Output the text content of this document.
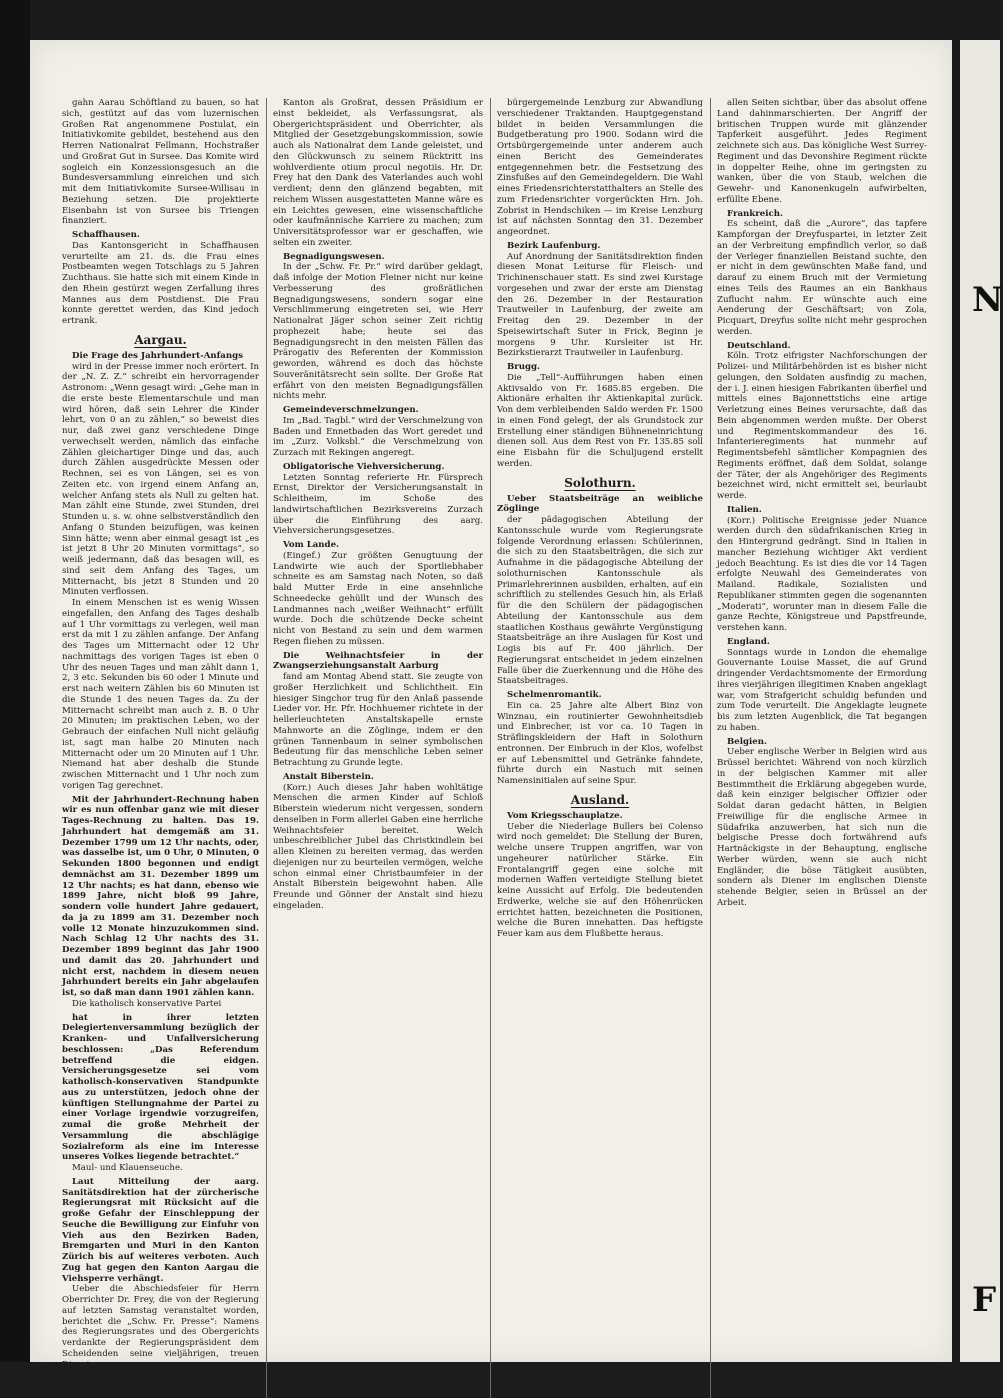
gahn Aarau Schöftland zu bauen, so hat sich, gestützt auf das vom luzernischen Großen Rat angenommene Postulat, ein Initiativkomite gebildet, bestehend aus den Herren Nationalrat Fellmann, Hochstraßer und Großrat Gut in Sursee. Das Komite wird sogleich ein Konzessionsgesuch an die Bundesversammlung einreichen und sich mit dem Initiativkomite Sursee-Willisau in Beziehung setzen. Die projektierte Eisenbahn ist von Sursee bis Triengen finanziert.

Schaffhausen.

Das Kantonsgericht in Schaffhausen verurteilte am 21. ds. die Frau eines Postbeamten wegen Totschlags zu 5 Jahren Zuchthaus. Sie hatte sich mit einem Kinde in den Rhein gestürzt wegen Zerfallung ihres Mannes aus dem Postdienst. Die Frau konnte gerettet werden, das Kind jedoch ertrank.

Aargau.

Die Frage des Jahrhundert-Anfangs

wird in der Presse immer noch erörtert. In der „N. Z. Z.“ schreibt ein hervorragender Astronom: „Wenn gesagt wird: „Gehe man in die erste beste Elementarschule und man wird hören, daß sein Lehrer die Kinder lehrt, von 0 an zu zählen,“ so beweist dies nur, daß zwei ganz verschiedene Dinge verwechselt werden, nämlich das einfache Zählen gleichartiger Dinge und das, auch durch Zählen ausgedrückte Messen oder Rechnen, sei es von Längen, sei es von Zeiten etc. von irgend einem Anfang an, welcher Anfang stets als Null zu gelten hat. Man zählt eine Stunde, zwei Stunden, drei Stunden u. s. w. ohne selbstverständlich den Anfang 0 Stunden beizufügen, was keinen Sinn hätte; wenn aber einmal gesagt ist „es ist jetzt 8 Uhr 20 Minuten vormittags“, so weiß jedermann, daß das besagen will, es sind seit dem Anfang des Tages, um Mitternacht, bis jetzt 8 Stunden und 20 Minuten verflossen.

In einem Menschen ist es wenig Wissen eingefallen, den Anfang des Tages deshalb auf 1 Uhr vormittags zu verlegen, weil man erst da mit 1 zu zählen anfange. Der Anfang des Tages um Mitternacht oder 12 Uhr nachmittags des vorigen Tages ist eben 0 Uhr des neuen Tages und man zählt dann 1, 2, 3 etc. Sekunden bis 60 oder 1 Minute und erst nach weitern Zählen bis 60 Minuten ist die Stunde 1 des neuen Tages da. Zu der Mitternacht schreibt man auch z. B. 0 Uhr 20 Minuten; im praktischen Leben, wo der Gebrauch der einfachen Null nicht geläufig ist, sagt man halbe 20 Minuten nach Mitternacht oder um 20 Minuten auf 1 Uhr. Niemand hat aber deshalb die Stunde zwischen Mitternacht und 1 Uhr noch zum vorigen Tag gerechnet.

Mit der Jahrhundert-Rechnung haben wir es nun offenbar ganz wie mit dieser Tages-Rechnung zu halten. Das 19. Jahrhundert hat demgemäß am 31. Dezember 1799 um 12 Uhr nachts, oder, was dasselbe ist, um 0 Uhr, 0 Minuten, 0 Sekunden 1800 begonnen und endigt demnächst am 31. Dezember 1899 um 12 Uhr nachts; es hat dann, ebenso wie 1899 Jahre, nicht bloß 99 Jahre, sondern volle hundert Jahre gedauert, da ja zu 1899 am 31. Dezember noch volle 12 Monate hinzuzukommen sind. Nach Schlag 12 Uhr nachts des 31. Dezember 1899 beginnt das Jahr 1900 und damit das 20. Jahrhundert und nicht erst, nachdem in diesem neuen Jahrhundert bereits ein Jahr abgelaufen ist, so daß man dann 1901 zählen kann.

Die katholisch konservative Partei

hat in ihrer letzten Delegiertenversammlung bezüglich der Kranken- und Unfallversicherung beschlossen: „Das Referendum betreffend die eidgen. Versicherungsgesetze sei vom katholisch-konservativen Standpunkte aus zu unterstützen, jedoch ohne der künftigen Stellungnahme der Partei zu einer Vorlage irgendwie vorzugreifen, zumal die große Mehrheit der Versammlung die abschlägige Sozialreform als eine im Interesse unseres Volkes liegende betrachtet.“

Maul- und Klauenseuche.

Laut Mitteilung der aarg. Sanitätsdirektion hat der zürcherische Regierungsrat mit Rücksicht auf die große Gefahr der Einschleppung der Seuche die Bewilligung zur Einfuhr von Vieh aus den Bezirken Baden, Bremgarten und Muri in den Kanton Zürich bis auf weiteres verboten. Auch Zug hat gegen den Kanton Aargau die Viehsperre verhängt.

Ueber die Abschiedsfeier für Herrn Oberrichter Dr. Frey, die von der Regierung auf letzten Samstag veranstaltet worden, berichtet die „Schw. Fr. Presse“: Namens des Regierungsrates und des Obergerichts verdankte der Regierungspräsident dem Scheidenden seine vieljährigen, treuen Dienste.

Kanton als Großrat, dessen Präsidium er einst bekleidet, als Verfassungsrat, als Obergerichtspräsident und Oberrichter, als Mitglied der Gesetzgebungskommission, sowie auch als Nationalrat dem Lande geleistet, und den Glückwunsch zu seinem Rücktritt ins wohlverdiente otium procul negotiis. Hr. Dr. Frey hat den Dank des Vaterlandes auch wohl verdient; denn den glänzend begabten, mit reichem Wissen ausgestatteten Manne wäre es ein Leichtes gewesen, eine wissenschaftliche oder kaufmännische Karriere zu machen; zum Universitätsprofessor war er geschaffen, wie selten ein zweiter.

Begnadigungswesen.

In der „Schw. Fr. Pr.“ wird darüber geklagt, daß infolge der Motion Fleiner nicht nur keine Verbesserung des großrätlichen Begnadigungswesens, sondern sogar eine Verschlimmerung eingetreten sei, wie Herr Nationalrat Jäger schon seiner Zeit richtig prophezeit habe; heute sei das Begnadigungsrecht in den meisten Fällen das Prärogativ des Referenten der Kommission geworden, während es doch das höchste Souveränitätsrecht sein sollte. Der Große Rat erfährt von den meisten Begnadigungsfällen nichts mehr.

Gemeindeverschmelzungen.

Im „Bad. Tagbl.“ wird der Verschmelzung von Baden und Ennetbaden das Wort geredet und im „Zurz. Volksbl.“ die Verschmelzung von Zurzach mit Rekingen angeregt.

Obligatorische Viehversicherung.

Letzten Sonntag referierte Hr. Fürsprech Ernst, Direktor der Versicherungsanstalt in Schleitheim, im Schoße des landwirtschaftlichen Bezirksvereins Zurzach über die Einführung des aarg. Viehversicherungsgesetzes.

Vom Lande.

(Eingef.) Zur größten Genugtuung der Landwirte wie auch der Sportliebhaber schneite es am Samstag nach Noten, so daß bald Mutter Erde in eine ansehnliche Schneedecke gehüllt und der Wunsch des Landmannes nach „weißer Weihnacht“ erfüllt wurde. Doch die schützende Decke scheint nicht von Bestand zu sein und dem warmen Regen fliehen zu müssen.

Die Weihnachtsfeier in der Zwangserziehungsanstalt Aarburg

fand am Montag Abend statt. Sie zeugte von großer Herzlichkeit und Schlichtheit. Ein hiesiger Singchor trug für den Anlaß passende Lieder vor. Hr. Pfr. Hochhuemer richtete in der hellerleuchteten Anstaltskapelle ernste Mahnworte an die Zöglinge, indem er den grünen Tannenbaum in seiner symbolischen Bedeutung für das menschliche Leben seiner Betrachtung zu Grunde legte.

Anstalt Biberstein.

(Korr.) Auch dieses Jahr haben wohltätige Menschen die armen Kinder auf Schloß Biberstein wiederum nicht vergessen, sondern denselben in Form allerlei Gaben eine herrliche Weihnachtsfeier bereitet. Welch unbeschreiblicher Jubel das Christkindlein bei allen Kleinen zu bereiten vermag, das werden diejenigen nur zu beurteilen vermögen, welche schon einmal einer Christbaumfeier in der Anstalt Biberstein beigewohnt haben. Alle Freunde und Gönner der Anstalt sind hiezu eingeladen.

bürgergemeinde Lenzburg zur Abwandlung verschiedener Traktanden. Hauptgegenstand bildet in beiden Versammlungen die Budgetberatung pro 1900. Sodann wird die Ortsbürgergemeinde unter anderem auch einen Bericht des Gemeinderates entgegennehmen betr. die Festsetzung des Zinsfußes auf den Gemeindegeldern. Die Wahl eines Friedensrichterstatthalters an Stelle des zum Friedensrichter vorgerückten Hrn. Joh. Zobrist in Hendschiken — im Kreise Lenzburg ist auf nächsten Sonntag den 31. Dezember angeordnet.

Bezirk Laufenburg.

Auf Anordnung der Sanitätsdirektion finden diesen Monat Leiturse für Fleisch- und Trichinenschauer statt. Es sind zwei Kurstage vorgesehen und zwar der erste am Dienstag den 26. Dezember in der Restauration Trautweiler in Laufenburg, der zweite am Freitag den 29. Dezember in der Speisewirtschaft Suter in Frick, Beginn je morgens 9 Uhr. Kursleiter ist Hr. Bezirkstierarzt Trautweiler in Laufenburg.

Brugg.

Die „Tell“-Aufführungen haben einen Aktivsaldo von Fr. 1685.85 ergeben. Die Aktionäre erhalten ihr Aktienkapital zurück. Von dem verbleibenden Saldo werden Fr. 1500 in einen Fond gelegt, der als Grundstock zur Erstellung einer ständigen Bühneneinrichtung dienen soll. Aus dem Rest von Fr. 135.85 soll eine Eisbahn für die Schuljugend erstellt werden.

Solothurn.

Ueber Staatsbeiträge an weibliche Zöglinge

der pädagogischen Abteilung der Kantonsschule wurde vom Regierungsrate folgende Verordnung erlassen: Schülerinnen, die sich zu den Staatsbeiträgen, die sich zur Aufnahme in die pädagogische Abteilung der solothurnischen Kantonsschule als Primarlehrerinnen ausbilden, erhalten, auf ein schriftlich zu stellendes Gesuch hin, als Erlaß für die den Schülern der pädagogischen Abteilung der Kantonsschule aus dem staatlichen Kosthaus gewährte Vergünstigung Staatsbeiträge an ihre Auslagen für Kost und Logis bis auf Fr. 400 jährlich. Der Regierungsrat entscheidet in jedem einzelnen Falle über die Zuerkennung und die Höhe des Staatsbeitrages.

Schelmenromantik.

Ein ca. 25 Jahre alte Albert Binz von Winznau, ein routinierter Gewohnheitsdieb und Einbrecher, ist vor ca. 10 Tagen in Sträflingskleidern der Haft in Solothurn entronnen. Der Einbruch in der Klos, wofelbst er auf Lebensmittel und Getränke fahndete, führte durch ein Nastuch mit seinen Namensinitialen auf seine Spur.

Ausland.

Vom Kriegsschauplatze.

Ueber die Niederlage Bullers bei Colenso wird noch gemeldet: Die Stellung der Buren, welche unsere Truppen angriffen, war von ungeheurer natürlicher Stärke. Ein Frontalangriff gegen eine solche mit modernen Waffen verteidigte Stellung bietet keine Aussicht auf Erfolg. Die bedeutenden Erdwerke, welche sie auf den Höhenrücken errichtet hatten, bezeichneten die Positionen, welche die Buren innehatten. Das heftigste Feuer kam aus dem Flußbette heraus.

allen Seiten sichtbar, über das absolut offene Land dahinmarschierten. Der Angriff der britischen Truppen wurde mit glänzender Tapferkeit ausgeführt. Jedes Regiment zeichnete sich aus. Das königliche West Surrey-Regiment und das Devonshire Regiment rückte in doppelter Reihe, ohne im geringsten zu wanken, über die von Staub, welchen die Gewehr- und Kanonenkugeln aufwirbelten, erfüllte Ebene.

Frankreich.

Es scheint, daß die „Aurore“, das tapfere Kampforgan der Dreyfuspartei, in letzter Zeit an der Verbreitung empfindlich verlor, so daß der Verleger finanziellen Beistand suchte, den er nicht in dem gewünschten Maße fand, und darauf zu einem Bruch mit der Vermietung eines Teils des Raumes an ein Bankhaus Zuflucht nahm. Er wünschte auch eine Aenderung der Geschäftsart; von Zola, Picquart, Dreyfus sollte nicht mehr gesprochen werden.

Deutschland.

Köln. Trotz eifrigster Nachforschungen der Polizei- und Militärbehörden ist es bisher nicht gelungen, den Soldaten ausfindig zu machen, der i. J. einen hiesigen Fabrikanten überfiel und mittels eines Bajonnettstichs eine artige Verletzung eines Beines verursachte, daß das Bein abgenommen werden mußte. Der Oberst und Regimentskommandeur des 16. Infanterieregiments hat nunmehr auf Regimentsbefehl sämtlicher Kompagnien des Regiments eröffnet, daß dem Soldat, solange der Täter, der als Angehöriger des Regiments bezeichnet wird, nicht ermittelt sei, beurlaubt werde.

Italien.

(Korr.) Politische Ereignisse jeder Nuance werden durch den südafrikanischen Krieg in den Hintergrund gedrängt. Sind in Italien in mancher Beziehung wichtiger Akt verdient jedoch Beachtung. Es ist dies die vor 14 Tagen erfolgte Neuwahl des Gemeinderates von Mailand. Radikale, Sozialisten und Republikaner stimmten gegen die sogenannten „Moderati“, worunter man in diesem Falle die ganze Rechte, Königstreue und Papstfreunde, verstehen kann.

England.

Sonntags wurde in London die ehemalige Gouvernante Louise Masset, die auf Grund dringender Verdachtsmomente der Ermordung ihres vierjährigen illegitimen Knaben angeklagt war, vom Strafgericht schuldig befunden und zum Tode verurteilt. Die Angeklagte leugnete bis zum letzten Augenblick, die Tat begangen zu haben.

Belgien.

Ueber englische Werber in Belgien wird aus Brüssel berichtet: Während von noch kürzlich in der belgischen Kammer mit aller Bestimmtheit die Erklärung abgegeben wurde, daß kein einziger belgischer Offizier oder Soldat daran gedacht hätten, in Belgien Freiwillige für die englische Armee in Südafrika anzuwerben, hat sich nun die belgische Presse doch fortwährend aufs Hartnäckigste in der Behauptung, englische Werber würden, wenn sie auch nicht Engländer, die böse Tätigkeit ausübten, sondern als Diener im englischen Dienste stehende Belgier, seien in Brüssel an der Arbeit.

N
F
